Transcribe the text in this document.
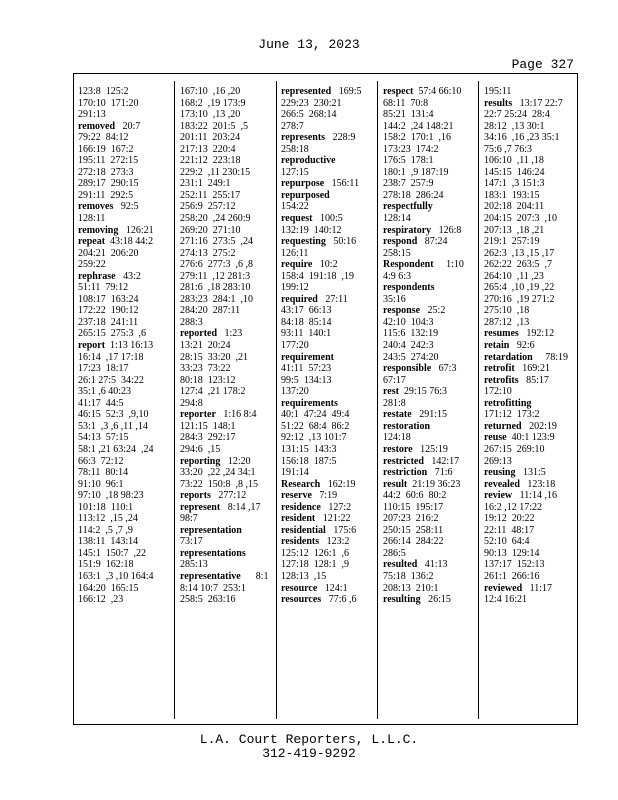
June 13, 2023
Page 327
123:8  125:2
170:10  171:20
291:13
removed   20:7
79:22  84:12
166:19  167:2
195:11  272:15
272:18  273:3
289:17  290:15
291:11  292:5
removes   92:5
128:11
removing   126:21
repeat  43:18 44:2
204:21  206:20
259:22
rephrase   43:2
51:11  79:12
108:17  163:24
172:22  190:12
237:18  241:11
265:15  275:3  ,6
report  1:13 16:13
16:14  ,17 17:18
17:23  18:17
26:1 27:5  34:22
35:1 ,6 40:23
41:17  44:5
46:15  52:3  ,9,10
53:1  ,3 ,6 ,11 ,14
54:13  57:15
58:1 ,21 63:24  ,24
66:3  72:12
78:11  80:14
91:10  96:1
97:10  ,18 98:23
101:18  110:1
113:12  ,15 ,24
114:2  ,5 ,7 ,9
138:11  143:14
145:1  150:7  ,22
151:9  162:18
163:1  ,3 ,10 164:4
164:20  165:15
166:12  ,23
167:10  ,16 ,20
168:2  ,19 173:9
173:10  ,13 ,20
183:22  201:5  ,5
201:11  203:24
217:13  220:4
221:12  223:18
229:2  ,11 230:15
231:1  249:1
252:11  255:17
256:9  257:12
258:20  ,24 260:9
269:20  271:10
271:16  273:5  ,24
274:13  275:2
276:6  277:3  ,6 ,8
279:11  ,12 281:3
281:6  ,18 283:10
283:23  284:1  ,10
284:20  287:11
288:3
reported   1:23
13:21  20:24
28:15  33:20  ,21
33:23  73:22
80:18  123:12
127:4  ,21 178:2
294:8
reporter   1:16 8:4
121:15  148:1
284:3  292:17
294:6  ,15
reporting   12:20
33:20  ,22 ,24 34:1
73:22  150:8  ,8 ,15
reports   277:12
represent   8:14 ,17
98:7
representation
73:17
representations
285:13
representative      8:1
8:14 10:7  253:1
258:5  263:16
represented   169:5
229:23  230:21
266:5  268:14
278:7
represents   228:9
258:18
reproductive
127:15
repurpose   156:11
repurposed
154:22
request   100:5
132:19  140:12
requesting   50:16
126:11
require   10:2
158:4  191:18  ,19
199:12
required   27:11
43:17  66:13
84:18  85:14
93:11  140:1
177:20
requirement
41:11  57:23
99:5  134:13
137:20
requirements
40:1  47:24  49:4
51:22  68:4  86:2
92:12  ,13 101:7
131:15  143:3
156:18  187:5
191:14
Research   162:19
reserve   7:19
residence   127:2
resident   121:22
residential   175:6
residents   123:2
125:12  126:1  ,6
127:18  128:1  ,9
128:13  ,15
resource   124:1
resources   77:6 ,6
respect  57:4 66:10
68:11  70:8
85:21  131:4
144:2  ,24 148:21
158:2  170:1  ,16
173:23  174:2
176:5  178:1
180:1  ,9 187:19
238:7  257:9
278:18  286:24
respectfully
128:14
respiratory   126:8
respond   87:24
258:15
Respondent     1:10
4:9 6:3
respondents
35:16
response   25:2
42:10  104:3
115:6  132:19
240:4  242:3
243:5  274:20
responsible   67:3
67:17
rest  29:15 76:3
281:8
restate   291:15
restoration
124:18
restore   125:19
restricted   142:17
restriction   71:6
result  21:19 36:23
44:2  60:6  80:2
110:15  195:17
207:23  216:2
250:15  258:11
266:14  284:22
286:5
resulted   41:13
75:18  136:2
208:13  210:1
resulting   26:15
195:11
results   13:17 22:7
22:7 25:24  28:4
28:12  ,13 30:1
34:16  ,16 ,23 35:1
75:6 ,7 76:3
106:10  ,11 ,18
145:15  146:24
147:1  ,3 151:3
183:1  193:15
202:18  204:11
204:15  207:3  ,10
207:13  ,18 ,21
219:1  257:19
262:3  ,13 ,15 ,17
262:22  263:5  ,7
264:10  ,11 ,23
265:4  ,10 ,19 ,22
270:16  ,19 271:2
275:10  ,18
287:12  ,13
resumes   192:12
retain   92:6
retardation     78:19
retrofit   169:21
retrofits   85:17
172:10
retrofitting
171:12  173:2
returned   202:19
reuse  40:1 123:9
267:15  269:10
269:13
reusing   131:5
revealed   123:18
review   11:14 ,16
16:2 ,12 17:22
19:12  20:22
22:11  48:17
52:10  64:4
90:13  129:14
137:17  152:13
261:1  266:16
reviewed   11:17
12:4 16:21
L.A. Court Reporters, L.L.C.
312-419-9292
